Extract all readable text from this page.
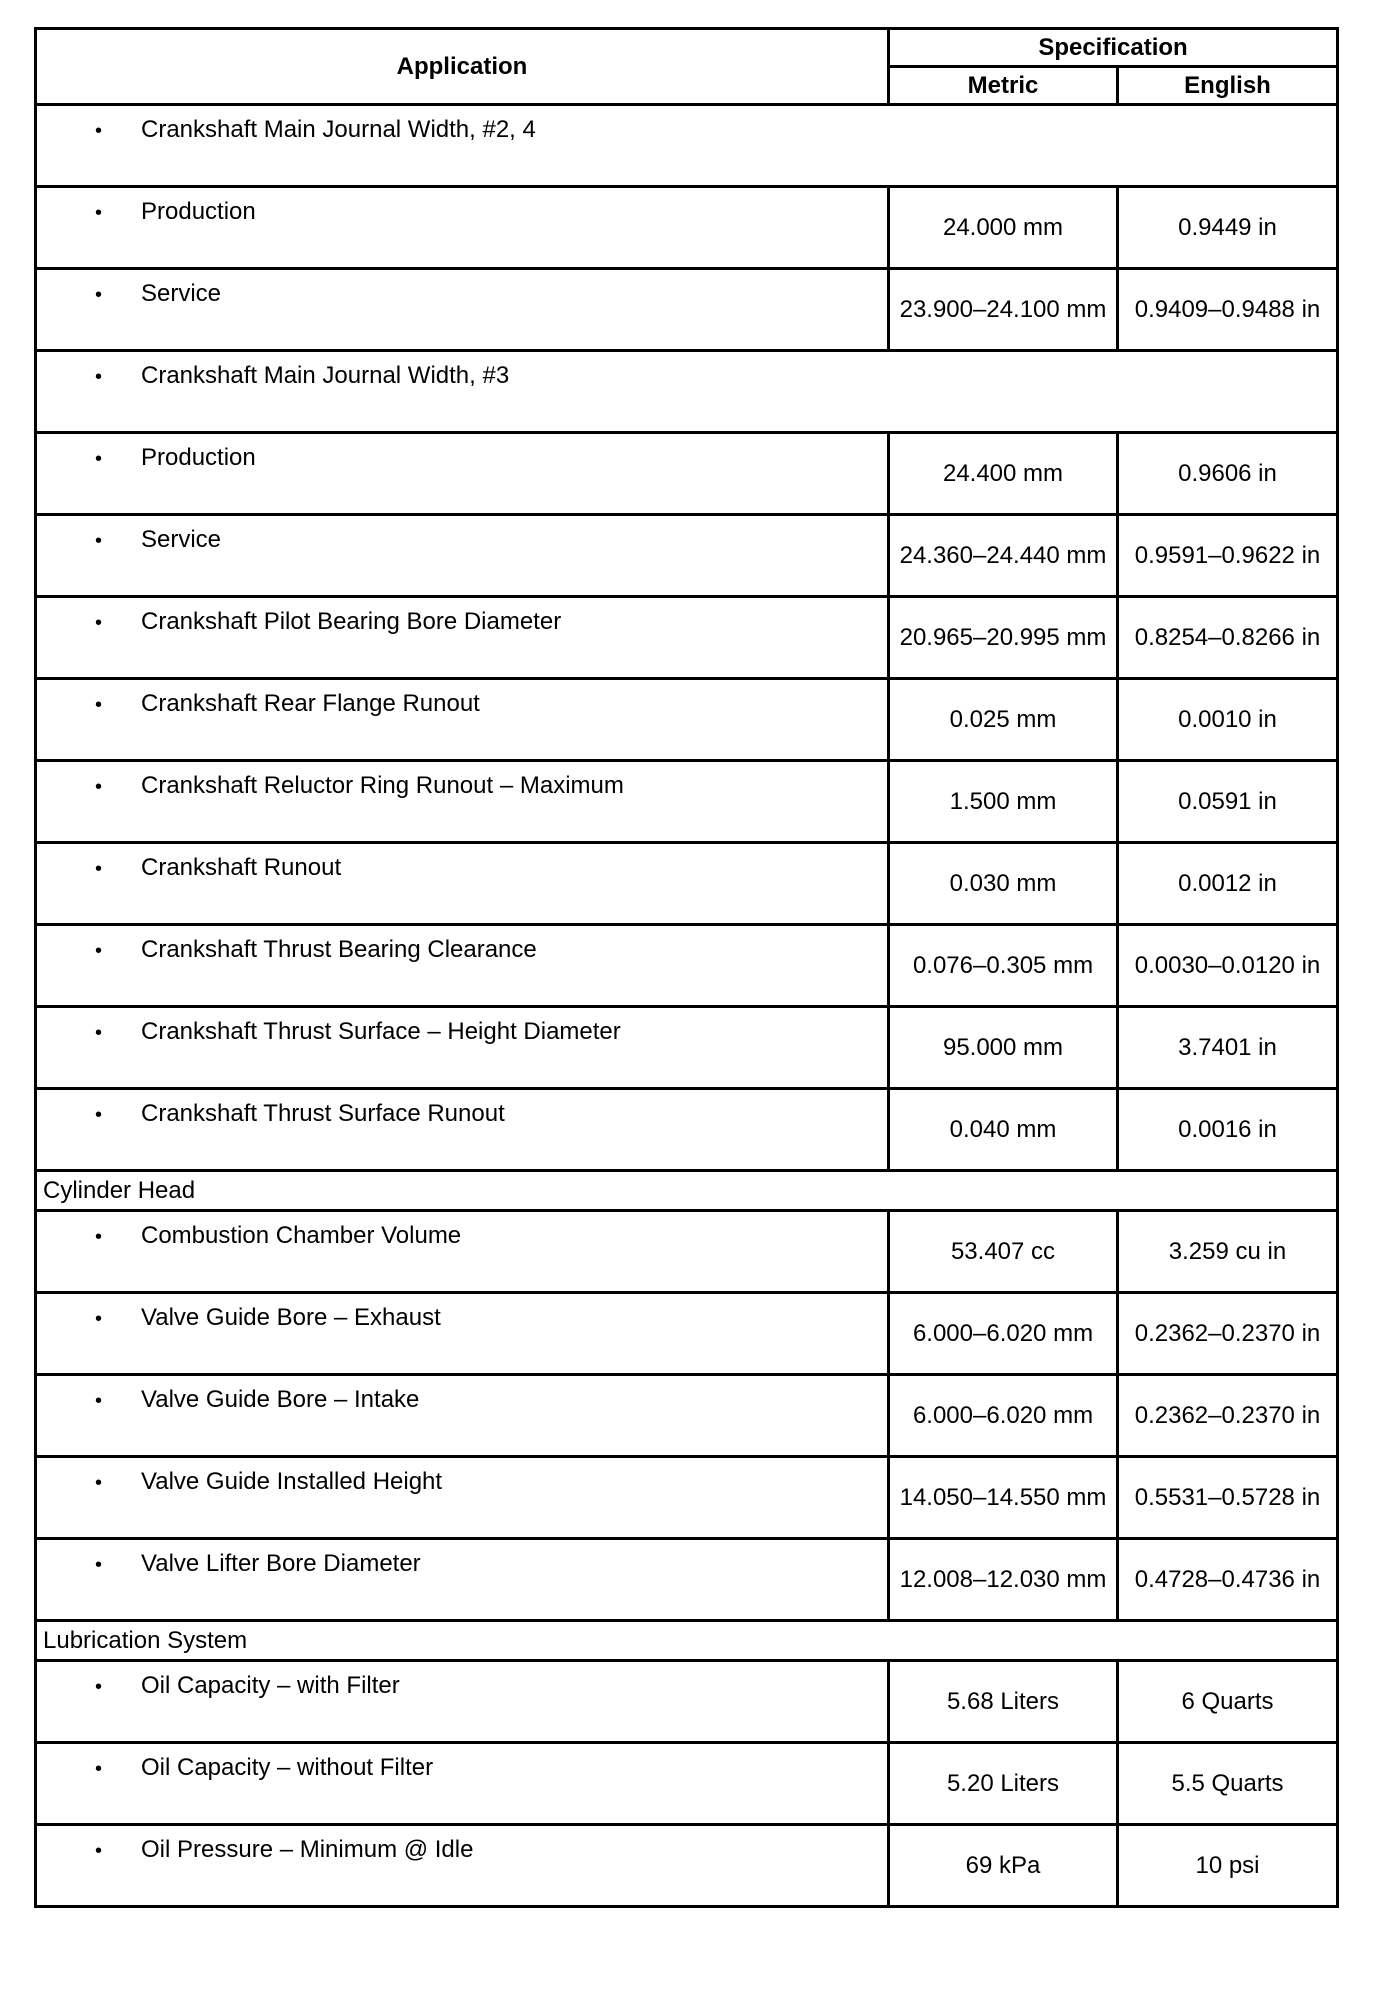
Application	Specification	
	Metric	English

• Crankshaft Main Journal Width, #2, 4		

• Production	24.000 mm	0.9449 in

• Service	23.900–24.100 mm	0.9409–0.9488 in

• Crankshaft Main Journal Width, #3		

• Production	24.400 mm	0.9606 in

• Service	24.360–24.440 mm	0.9591–0.9622 in

• Crankshaft Pilot Bearing Bore Diameter	20.965–20.995 mm	0.8254–0.8266 in

• Crankshaft Rear Flange Runout	0.025 mm	0.0010 in

• Crankshaft Reluctor Ring Runout – Maximum	1.500 mm	0.0591 in

• Crankshaft Runout	0.030 mm	0.0012 in

• Crankshaft Thrust Bearing Clearance	0.076–0.305 mm	0.0030–0.0120 in

• Crankshaft Thrust Surface – Height Diameter	95.000 mm	3.7401 in

• Crankshaft Thrust Surface Runout	0.040 mm	0.0016 in
Cylinder Head		

• Combustion Chamber Volume	53.407 cc	3.259 cu in

• Valve Guide Bore – Exhaust	6.000–6.020 mm	0.2362–0.2370 in

• Valve Guide Bore – Intake	6.000–6.020 mm	0.2362–0.2370 in

• Valve Guide Installed Height	14.050–14.550 mm	0.5531–0.5728 in

• Valve Lifter Bore Diameter	12.008–12.030 mm	0.4728–0.4736 in
Lubrication System		

• Oil Capacity – with Filter	5.68 Liters	6 Quarts

• Oil Capacity – without Filter	5.20 Liters	5.5 Quarts

• Oil Pressure – Minimum @ Idle	69 kPa	10 psi
